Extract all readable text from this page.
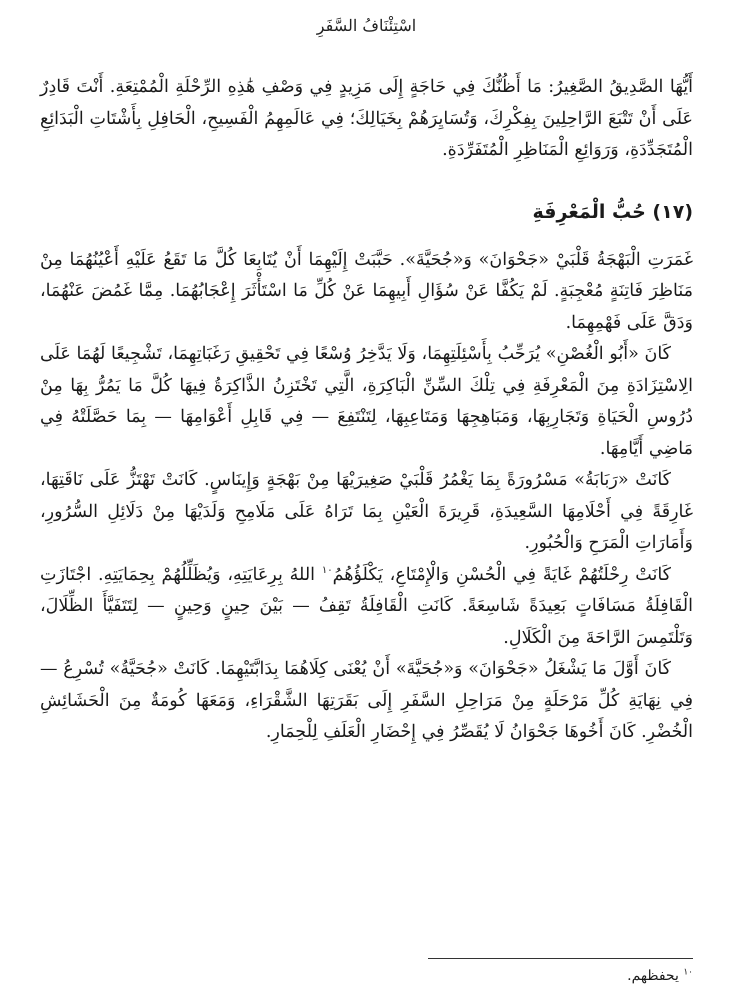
اسْتِئْنَافُ السَّفَرِ

أَيُّهَا الصَّدِيقُ الصَّغِيرُ: مَا أَظُنُّكَ فِي حَاجَةٍ إِلَى مَزِيدٍ فِي وَصْفِ هَٰذِهِ الرِّحْلَةِ الْمُمْتِعَةِ. أَنْتَ قَادِرٌ عَلَى أَنْ تَتْبَعَ الرَّاحِلِينَ بِفِكْرِكَ، وَتُسَايِرَهُمْ بِخَيَالِكَ؛ فِي عَالَمِهِمُ الْفَسِيحِ، الْحَافِلِ بِأَشْتَاتِ الْبَدَائِعِ الْمُتَجَدِّدَةِ، وَرَوَائِعِ الْمَنَاظِرِ الْمُتَفَرِّدَةِ.

(١٧) حُبُّ الْمَعْرِفَةِ

غَمَرَتِ الْبَهْجَةُ قَلْبَيْ «جَحْوَانَ» وَ«جُحَيَّةَ». حَبَّبَتْ إِلَيْهِمَا أَنْ يُتَابِعَا كُلَّ مَا تَقَعُ عَلَيْهِ أَعْيُنُهُمَا مِنْ مَنَاظِرَ فَاتِنَةٍ مُعْجِبَةٍ. لَمْ يَكُفَّا عَنْ سُؤَالِ أَبِيهِمَا عَنْ كُلِّ مَا اسْتَأْثَرَ إِعْجَابُهُمَا. مِمَّا غَمُضَ عَنْهُمَا، وَدَقَّ عَلَى فَهْمِهِمَا.

كَانَ «أَبُو الْغُصْنِ» يُرَحِّبُ بِأَسْئِلَتِهِمَا، وَلَا يَدَّخِرُ وُسْعًا فِي تَحْقِيقِ رَغَبَاتِهِمَا، تَشْجِيعًا لَهُمَا عَلَى الِاسْتِزَادَةِ مِنَ الْمَعْرِفَةِ فِي تِلْكَ السِّنِّ الْبَاكِرَةِ، الَّتِي تَخْتَزِنُ الذَّاكِرَةُ فِيهَا كُلَّ مَا يَمُرُّ بِهَا مِنْ دُرُوسِ الْحَيَاةِ وَتَجَارِبِهَا، وَمَبَاهِجِهَا وَمَتَاعِبِهَا، لِتَنْتَفِعَ — فِي قَابِلِ أَعْوَامِهَا — بِمَا حَصَّلَتْهُ فِي مَاضِي أَيَّامِهَا.

كَانَتْ «رَبَابَةُ» مَسْرُورَةً بِمَا يَغْمُرُ قَلْبَيْ صَغِيرَيْهَا مِنْ بَهْجَةٍ وَإِينَاسٍ. كَانَتْ تَهْتَزُّ عَلَى نَاقَتِهَا، غَارِقَةً فِي أَحْلَامِهَا السَّعِيدَةِ، قَرِيرَةَ الْعَيْنِ بِمَا تَرَاهُ عَلَى مَلَامِحِ وَلَدَيْهَا مِنْ دَلَائِلِ السُّرُورِ، وَأَمَارَاتِ الْمَرَحِ وَالْحُبُورِ.

كَانَتْ رِحْلَتُهُمْ غَايَةً فِي الْحُسْنِ وَالْإِمْتَاعِ، يَكْلَؤُهُمُ$^{١٠}$ اللهُ بِرِعَايَتِهِ، وَيُظَلِّلُهُمْ بِحِمَايَتِهِ. اجْتَازَتِ الْقَافِلَةُ مَسَافَاتٍ بَعِيدَةً شَاسِعَةً. كَانَتِ الْقَافِلَةُ تَقِفُ — بَيْنَ حِينٍ وَحِينٍ — لِتَتَفَيَّأَ الظِّلَالَ، وَتَلْتَمِسَ الرَّاحَةَ مِنَ الْكَلَالِ.

كَانَ أَوَّلَ مَا يَشْغَلُ «جَحْوَانَ» وَ«جُحَيَّةَ» أَنْ يُعْنَى كِلَاهُمَا بِدَابَّتَيْهِمَا. كَانَتْ «جُحَيَّةُ» تُسْرِعُ — فِي نِهَايَةِ كُلِّ مَرْحَلَةٍ مِنْ مَرَاحِلِ السَّفَرِ إِلَى بَقَرَتِهَا الشَّقْرَاءِ، وَمَعَهَا كُومَةٌ مِنَ الْحَشَائِشِ الْخُضْرِ. كَانَ أَخُوهَا جَحْوَانُ لَا يُقَصِّرُ فِي إِحْضَارِ الْعَلَفِ لِلْحِمَارِ.

$^{١٠}$ يحفظهم.
